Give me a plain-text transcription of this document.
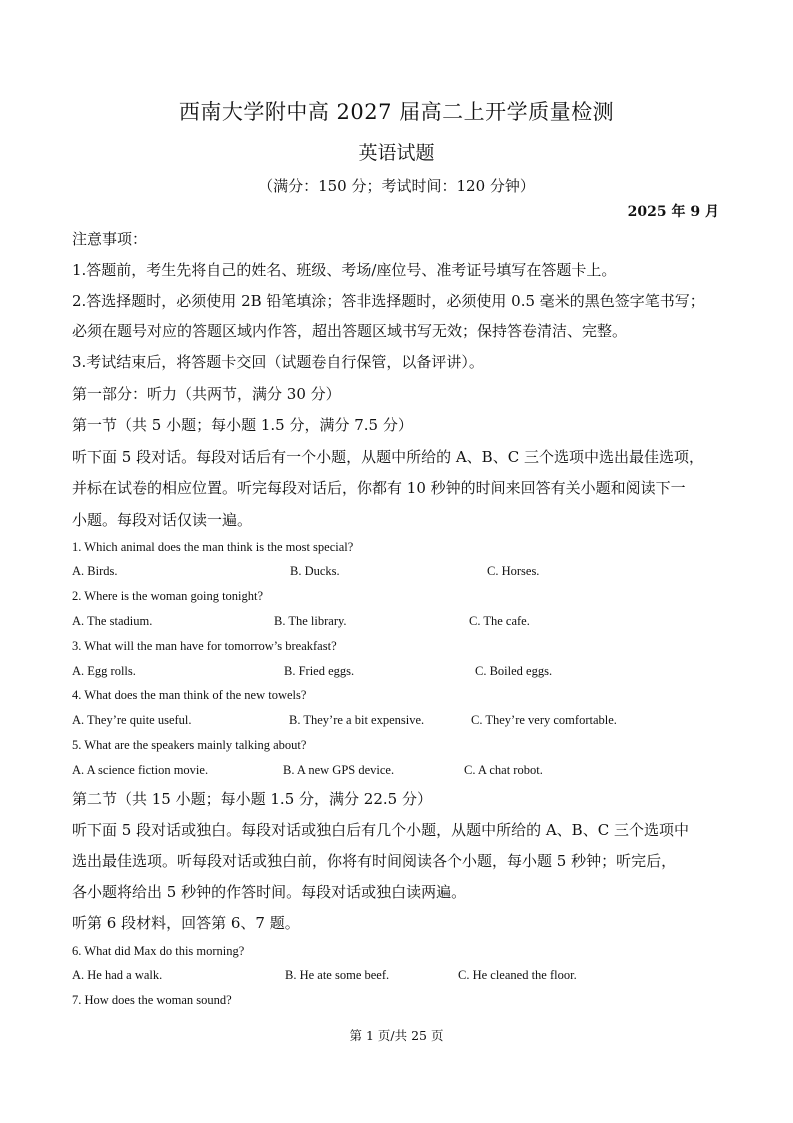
西南大学附中高 2027 届高二上开学质量检测
英语试题
（满分：150 分；考试时间：120 分钟）
2025 年 9 月
注意事项：
1.答题前，考生先将自己的姓名、班级、考场/座位号、准考证号填写在答题卡上。
2.答选择题时，必须使用 2B 铅笔填涂；答非选择题时，必须使用 0.5 毫米的黑色签字笔书写；
必须在题号对应的答题区域内作答，超出答题区域书写无效；保持答卷清洁、完整。
3.考试结束后，将答题卡交回（试题卷自行保管，以备评讲）。
第一部分：听力（共两节，满分 30 分）
第一节（共 5 小题；每小题 1.5 分，满分 7.5 分）
听下面 5 段对话。每段对话后有一个小题，从题中所给的 A、B、C 三个选项中选出最佳选项，
并标在试卷的相应位置。听完每段对话后，你都有 10 秒钟的时间来回答有关小题和阅读下一
小题。每段对话仅读一遍。
1. Which animal does the man think is the most special?
A. Birds.	B. Ducks.	C. Horses.
2. Where is the woman going tonight?
A. The stadium.	B. The library.	C. The cafe.
3. What will the man have for tomorrow’s breakfast?
A. Egg rolls.	B. Fried eggs.	C. Boiled eggs.
4. What does the man think of the new towels?
A. They’re quite useful.	B. They’re a bit expensive.	C. They’re very comfortable.
5. What are the speakers mainly talking about?
A. A science fiction movie.	B. A new GPS device.	C. A chat robot.
第二节（共 15 小题；每小题 1.5 分，满分 22.5 分）
听下面 5 段对话或独白。每段对话或独白后有几个小题，从题中所给的 A、B、C 三个选项中
选出最佳选项。听每段对话或独白前，你将有时间阅读各个小题，每小题 5 秒钟；听完后，
各小题将给出 5 秒钟的作答时间。每段对话或独白读两遍。
听第 6 段材料，回答第 6、7 题。
6. What did Max do this morning?
A. He had a walk.	B. He ate some beef.	C. He cleaned the floor.
7. How does the woman sound?
第 1 页/共 25 页
